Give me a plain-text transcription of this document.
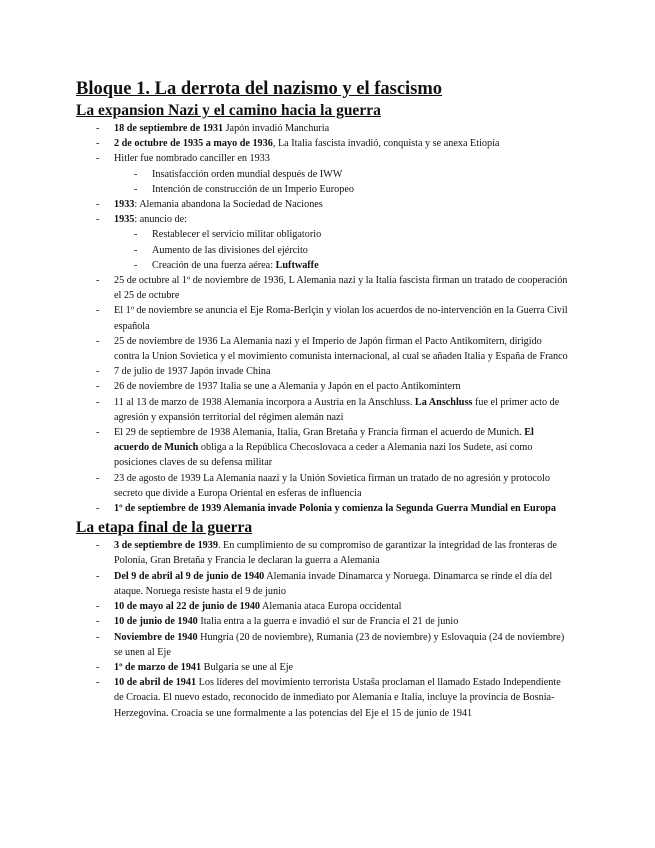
Bloque 1. La derrota del nazismo y el fascismo
La expansion Nazi y el camino hacia la guerra
- 18 de septiembre de 1931 Japón invadió Manchuria
- 2 de octubre de 1935 a mayo de 1936, La Italia fascista invadió, conquista y se anexa Etiopía
- Hitler fue nombrado canciller en 1933
- Insatisfacción orden mundial después de IWW
- Intención de construcción de un Imperio Europeo
- 1933: Alemania abandona la Sociedad de Naciones
- 1935: anuncio de:
- Restablecer el servicio militar obligatorio
- Aumento de las divisiones del ejército
- Creación de una fuerza aérea: Luftwaffe
- 25 de octubre al 1º de noviembre de 1936, L Alemania nazi y la Italia fascista firman un tratado de cooperación el 25 de octubre
- El 1º de noviembre se anuncia el Eje Roma-Berlçin y violan los acuerdos de no-intervención en la Guerra Civil española
- 25 de noviembre de 1936 La Alemania nazi y el Imperio de Japón firman el Pacto Antikomitern, dirigido contra la Union Sovietica y el movimiento comunista internacional, al cual se añaden Italia y España de Franco
- 7 de julio de 1937 Japón invade China
- 26 de noviembre de 1937 Italia se une a Alemania y Japón en el pacto Antikomintern
- 11 al 13 de marzo de 1938 Alemania incorpora a Austria en la Anschluss. La Anschluss fue el primer acto de agresión y expansión territorial del régimen alemán nazi
- El 29 de septiembre de 1938 Alemania, Italia, Gran Bretaña y Francia firman el acuerdo de Munich. El acuerdo de Munich obliga a la República Checoslovaca a ceder a Alemania nazi los Sudete, asi como posiciones claves de su defensa militar
- 23 de agosto de 1939 La Alemania naazi y la Unión Sovietica firman un tratado de no agresión y protocolo secreto que divide a Europa Oriental en esferas de influencia
- 1º de septiembre de 1939 Alemania invade Polonia y comienza la Segunda Guerra Mundial en Europa
La etapa final de la guerra
- 3 de septiembre de 1939. En cumplimiento de su compromiso de garantizar la integridad de las fronteras de Polonia, Gran Bretaña y Francia le declaran la guerra a Alemania
- Del 9 de abril al 9 de junio de 1940 Alemania invade Dinamarca y Noruega. Dinamarca se rinde el día del ataque. Noruega resiste hasta el 9 de junio
- 10 de mayo al 22 de junio de 1940 Alemania ataca Europa occidental
- 10 de junio de 1940 Italia entra a la guerra e invadió el sur de Francia el 21 de junio
- Noviembre de 1940 Hungría (20 de noviembre), Rumania (23 de noviembre) y Eslovaquia (24 de noviembre) se unen al Eje
- 1º de marzo de 1941 Bulgaria se une al Eje
- 10 de abril de 1941 Los líderes del movimiento terrorista Ustaša proclaman el llamado Estado Independiente de Croacia. El nuevo estado, reconocido de inmediato por Alemania e Italia, incluye la provincia de Bosnia-Herzegovina. Croacia se une formalmente a las potencias del Eje el 15 de junio de 1941
